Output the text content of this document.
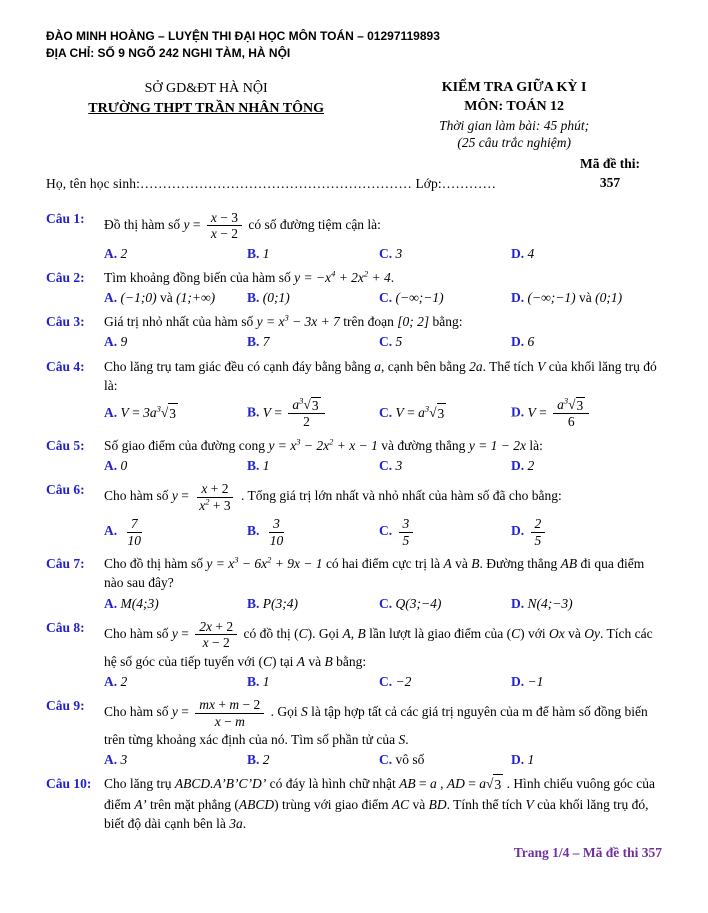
ĐÀO MINH HOÀNG – LUYỆN THI ĐẠI HỌC MÔN TOÁN – 01297119893
ĐỊA CHỈ: SỐ 9 NGÕ 242 NGHI TÀM, HÀ NỘI
SỞ GD&ĐT HÀ NỘI
TRƯỜNG THPT TRẦN NHÂN TÔNG
KIỂM TRA GIỮA KỲ I
MÔN: TOÁN 12
Thời gian làm bài: 45 phút;
(25 câu trắc nghiệm)
Họ, tên học sinh:…………………………………………………… Lớp:…………
Mã đề thi:
357
Câu 1:	Đồ thị hàm số $y = \frac{x - 3}{x - 2}$ có số đường tiệm cận là:
A. 2	B. 1	C. 3	D. 4
Câu 2:	Tìm khoảng đồng biến của hàm số $y = -x^4 + 2x^2 + 4$.
A. (−1;0) và (1;+∞)	B. (0;1)	C. (−∞;−1)	D. (−∞;−1) và (0;1)
Câu 3:	Giá trị nhỏ nhất của hàm số $y = x^3 - 3x + 7$ trên đoạn [0; 2] bằng:
A. 9	B. 7	C. 5	D. 6
Câu 4:	Cho lăng trụ tam giác đều có cạnh đáy bằng bằng a, cạnh bên bằng 2a. Thể tích V của khối lăng trụ đó là:
A. $V = 3a^3$ √ 3	B. $V = \frac{a^3 √ 3}{2}$	C. $V = a^3$ √ 3	D. $V = \frac{a^3 √ 3}{6}$
Câu 5:	Số giao điểm của đường cong $y = x^3 - 2x^2 + x - 1$ và đường thẳng y = 1 − 2x là:
A. 0	B. 1	C. 3	D. 2
Câu 6:	Cho hàm số $y = \frac{x + 2}{x^2 + 3}$ . Tổng giá trị lớn nhất và nhỏ nhất của hàm số đã cho bằng:
A. $\frac{7}{10}$	B. $\frac{3}{10}$	C. $\frac{3}{5}$	D. $\frac{2}{5}$
Câu 7:	Cho đồ thị hàm số $y = x^3 - 6x^2 + 9x - 1$ có hai điểm cực trị là A và B. Đường thẳng AB đi qua điểm nào sau đây?
A. M(4;3)	B. P(3;4)	C. Q(3;−4)	D. N(4;−3)
Câu 8:	Cho hàm số $y = \frac{2x + 2}{x - 2}$ có đồ thị (C). Gọi A, B lần lượt là giao điểm của (C) với Ox và Oy. Tích các hệ số góc của tiếp tuyến với (C) tại A và B bằng:
A. 2	B. 1	C. −2	D. −1
Câu 9:	Cho hàm số $y = \frac{mx + m - 2}{x - m}$ . Gọi S là tập hợp tất cả các giá trị nguyên của m để hàm số đồng biến trên từng khoảng xác định của nó. Tìm số phần tử của S.
A. 3	B. 2	C. vô số	D. 1
Câu 10: Cho lăng trụ ABCD.A’B’C’D’ có đáy là hình chữ nhật AB = a , AD = a √ 3 . Hình chiếu vuông góc của điểm A’ trên mặt phẳng (ABCD) trùng với giao điểm AC và BD. Tính thể tích V của khối lăng trụ đó, biết độ dài cạnh bên là 3a.
Trang 1/4 – Mã đề thi 357
